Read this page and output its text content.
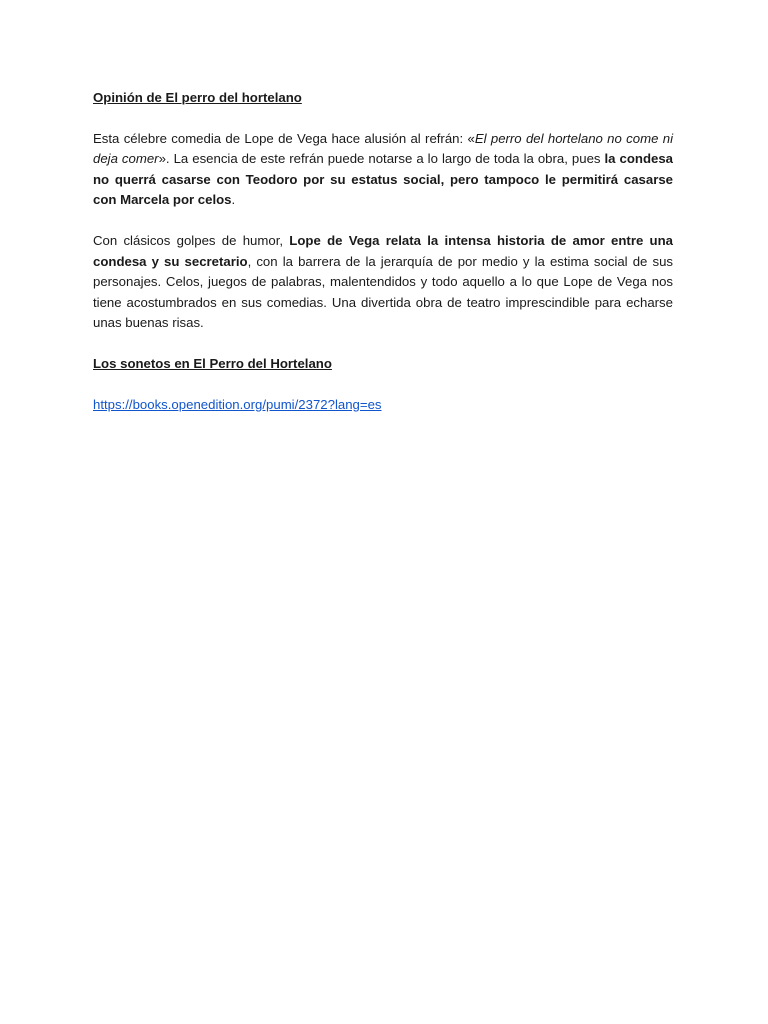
Opinión de El perro del hortelano

Esta célebre comedia de Lope de Vega hace alusión al refrán: «El perro del hortelano no come ni deja comer». La esencia de este refrán puede notarse a lo largo de toda la obra, pues la condesa no querrá casarse con Teodoro por su estatus social, pero tampoco le permitirá casarse con Marcela por celos.

Con clásicos golpes de humor, Lope de Vega relata la intensa historia de amor entre una condesa y su secretario, con la barrera de la jerarquía de por medio y la estima social de sus personajes. Celos, juegos de palabras, malentendidos y todo aquello a lo que Lope de Vega nos tiene acostumbrados en sus comedias. Una divertida obra de teatro imprescindible para echarse unas buenas risas.

Los sonetos en El Perro del Hortelano
https://books.openedition.org/pumi/2372?lang=es
